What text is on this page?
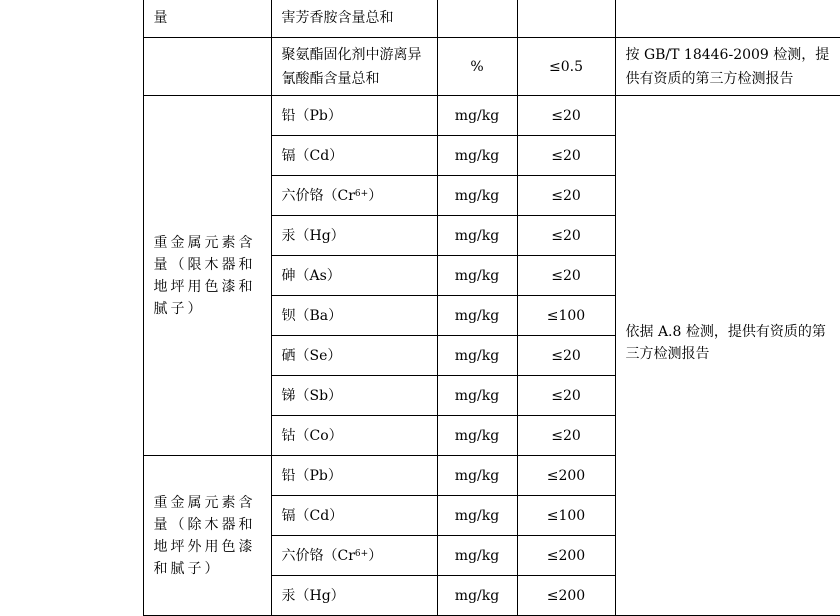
	量	害芳香胺含量总和			
		聚氨酯固化剂中游离异氰酸酯含量总和	%	≤0.5	按 GB/T 18446-2009 检测，提供有资质的第三方检测报告
	重金属元素含量（限木器和地坪用色漆和腻子）	铅（Pb）	mg/kg	≤20	依据 A.8 检测，提供有资质的第三方检测报告
		镉（Cd）	mg/kg	≤20	
		六价铬$(Cr^{6+})$	mg/kg	≤20	
		汞（Hg）	mg/kg	≤20	
		砷（As）	mg/kg	≤20	
		钡（Ba）	mg/kg	≤100	
		硒（Se）	mg/kg	≤20	
		锑（Sb）	mg/kg	≤20	
		钴（Co）	mg/kg	≤20	
	重金属元素含量（除木器和地坪外用色漆和腻子）	铅（Pb）	mg/kg	≤200	
		镉（Cd）	mg/kg	≤100	
		六价铬$(Cr^{6+})$	mg/kg	≤200	
		汞（Hg）	mg/kg	≤200	
